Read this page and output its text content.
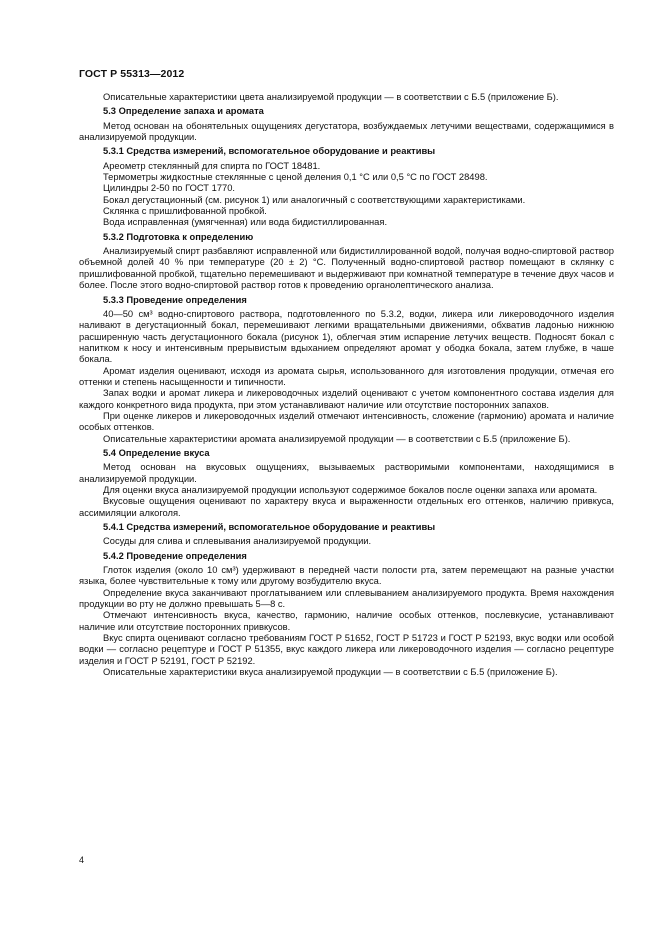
ГОСТ Р 55313—2012

Описательные характеристики цвета анализируемой продукции — в соответствии с Б.5 (приложение Б).

5.3 Определение запаха и аромата

Метод основан на обонятельных ощущениях дегустатора, возбуждаемых летучими веществами, содержащимися в анализируемой продукции.

5.3.1 Средства измерений, вспомогательное оборудование и реактивы

Ареометр стеклянный для спирта по ГОСТ 18481.

Термометры жидкостные стеклянные с ценой деления 0,1 °С или 0,5 °С по ГОСТ 28498.

Цилиндры 2-50 по ГОСТ 1770.

Бокал дегустационный (см. рисунок 1) или аналогичный с соответствующими характеристиками.

Склянка с пришлифованной пробкой.

Вода исправленная (умягченная) или вода бидистиллированная.

5.3.2 Подготовка к определению

Анализируемый спирт разбавляют исправленной или бидистиллированной водой, получая водно-спиртовой раствор объемной долей 40 % при температуре (20 ± 2) °С. Полученный водно-спиртовой раствор помещают в склянку с пришлифованной пробкой, тщательно перемешивают и выдерживают при комнатной температуре в течение двух часов и более. После этого водно-спиртовой раствор готов к проведению органолептического анализа.

5.3.3 Проведение определения

40—50 см³ водно-спиртового раствора, подготовленного по 5.3.2, водки, ликера или ликероводочного изделия наливают в дегустационный бокал, перемешивают легкими вращательными движениями, обхватив ладонью нижнюю расширенную часть дегустационного бокала (рисунок 1), облегчая этим испарение летучих веществ. Подносят бокал с напитком к носу и интенсивным прерывистым вдыханием определяют аромат у ободка бокала, затем глубже, в чаше бокала.

Аромат изделия оценивают, исходя из аромата сырья, использованного для изготовления продукции, отмечая его оттенки и степень насыщенности и типичности.

Запах водки и аромат ликера и ликероводочных изделий оценивают с учетом компонентного состава изделия для каждого конкретного вида продукта, при этом устанавливают наличие или отсутствие посторонних запахов.

При оценке ликеров и ликероводочных изделий отмечают интенсивность, сложение (гармонию) аромата и наличие особых оттенков.

Описательные характеристики аромата анализируемой продукции — в соответствии с Б.5 (приложение Б).

5.4 Определение вкуса

Метод основан на вкусовых ощущениях, вызываемых растворимыми компонентами, находящимися в анализируемой продукции.

Для оценки вкуса анализируемой продукции используют содержимое бокалов после оценки запаха или аромата.

Вкусовые ощущения оценивают по характеру вкуса и выраженности отдельных его оттенков, наличию привкуса, ассимиляции алкоголя.

5.4.1 Средства измерений, вспомогательное оборудование и реактивы

Сосуды для слива и сплевывания анализируемой продукции.

5.4.2 Проведение определения

Глоток изделия (около 10 см³) удерживают в передней части полости рта, затем перемещают на разные участки языка, более чувствительные к тому или другому возбудителю вкуса.

Определение вкуса заканчивают проглатыванием или сплевыванием анализируемого продукта. Время нахождения продукции во рту не должно превышать 5—8 с.

Отмечают интенсивность вкуса, качество, гармонию, наличие особых оттенков, послевкусие, устанавливают наличие или отсутствие посторонних привкусов.

Вкус спирта оценивают согласно требованиям ГОСТ Р 51652, ГОСТ Р 51723 и ГОСТ Р 52193, вкус водки или особой водки — согласно рецептуре и ГОСТ Р 51355, вкус каждого ликера или ликероводочного изделия — согласно рецептуре изделия и ГОСТ Р 52191, ГОСТ Р 52192.

Описательные характеристики вкуса анализируемой продукции — в соответствии с Б.5 (приложение Б).

4
